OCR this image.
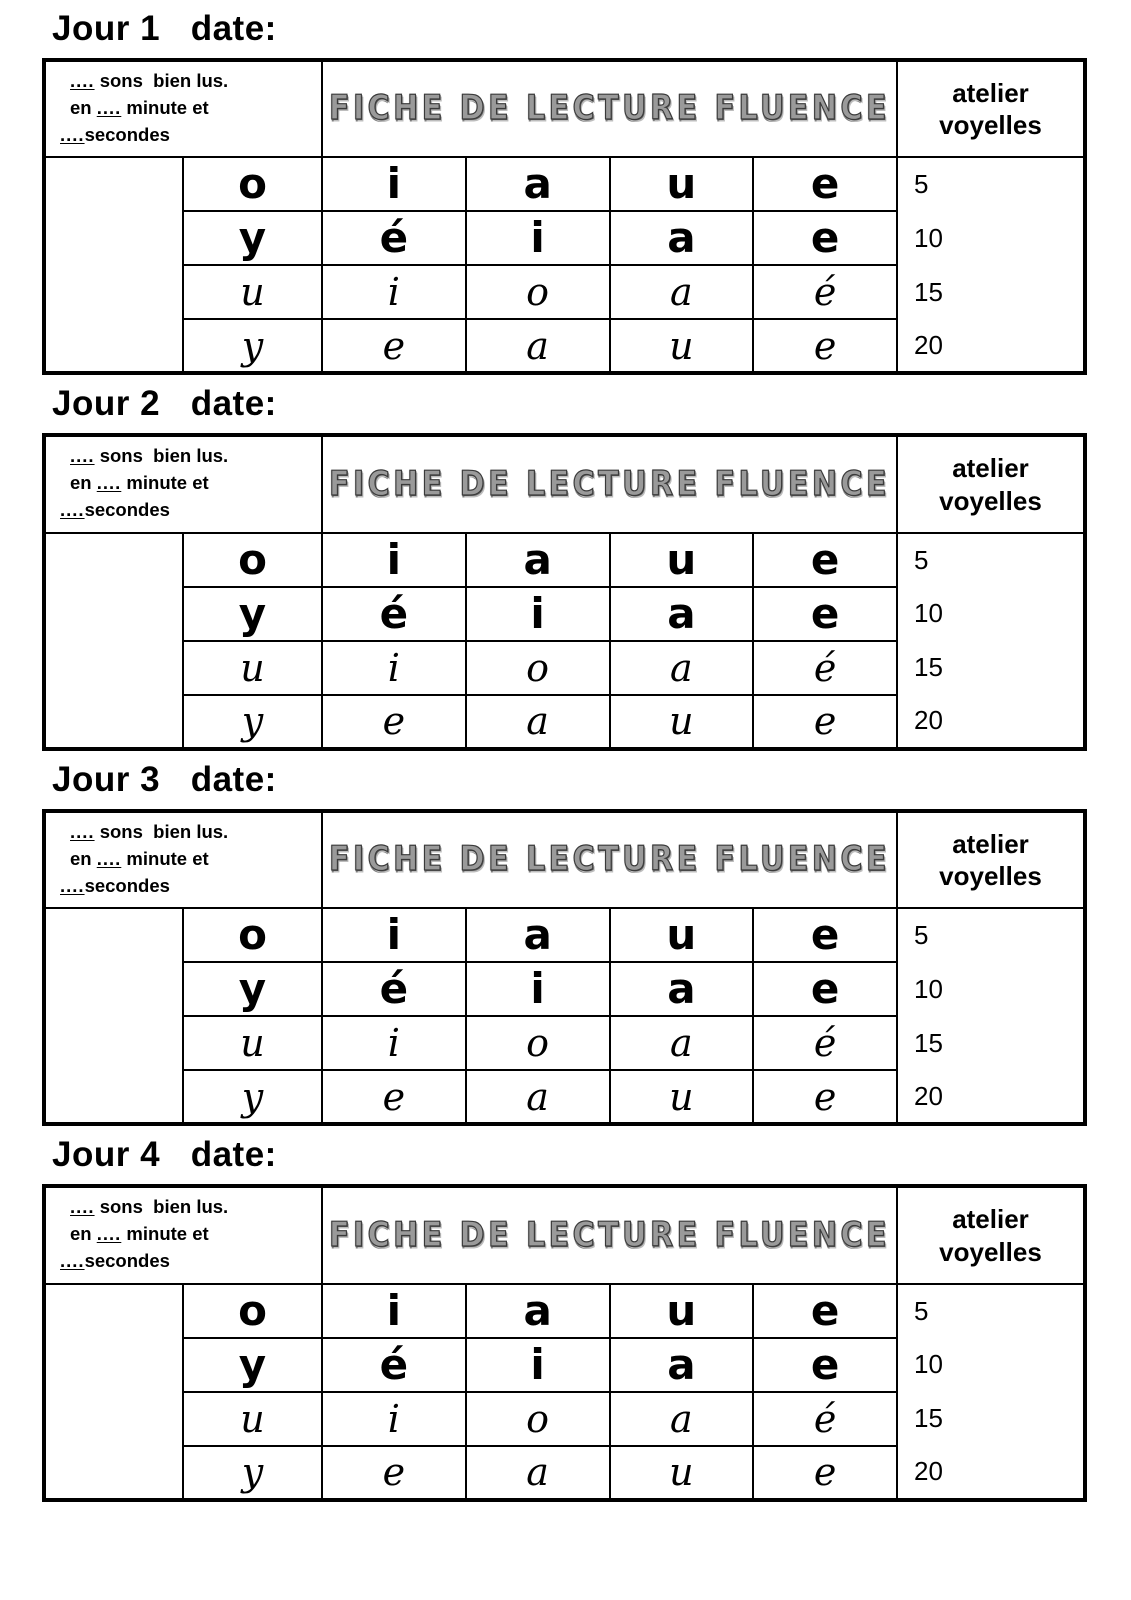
Jour 1   date:
.... sons  bien lus.
en .... minute et
....secondes
	FICHE DE LECTURE FLUENCE	atelier
voyelles

	o	i	a	u	e	5
	y	é	i	a	e	10
	u	i	o	a	é	15
	y	e	a	u	e	20
Jour 2   date:
.... sons  bien lus.
en .... minute et
....secondes
	FICHE DE LECTURE FLUENCE	atelier
voyelles

	o	i	a	u	e	5
	y	é	i	a	e	10
	u	i	o	a	é	15
	y	e	a	u	e	20
Jour 3   date:
.... sons  bien lus.
en .... minute et
....secondes
	FICHE DE LECTURE FLUENCE	atelier
voyelles

	o	i	a	u	e	5
	y	é	i	a	e	10
	u	i	o	a	é	15
	y	e	a	u	e	20
Jour 4   date:
.... sons  bien lus.
en .... minute et
....secondes
	FICHE DE LECTURE FLUENCE	atelier
voyelles

	o	i	a	u	e	5
	y	é	i	a	e	10
	u	i	o	a	é	15
	y	e	a	u	e	20
